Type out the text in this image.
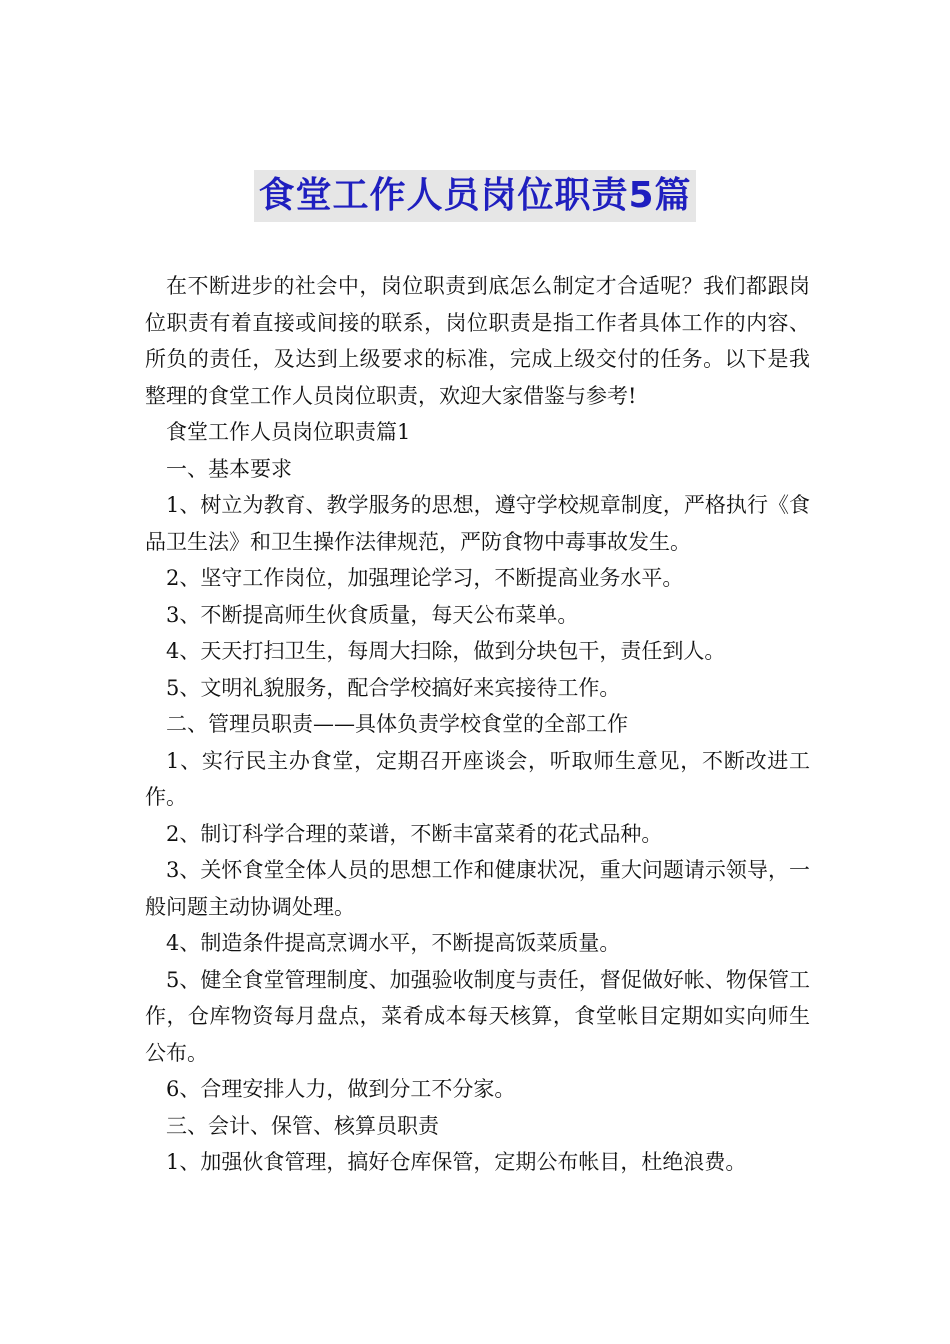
食堂工作人员岗位职责5篇

在不断进步的社会中，岗位职责到底怎么制定才合适呢？我们都跟岗位职责有着直接或间接的联系，岗位职责是指工作者具体工作的内容、所负的责任，及达到上级要求的标准，完成上级交付的任务。以下是我整理的食堂工作人员岗位职责，欢迎大家借鉴与参考!

食堂工作人员岗位职责篇1

一、基本要求

1、树立为教育、教学服务的思想，遵守学校规章制度，严格执行《食品卫生法》和卫生操作法律规范，严防食物中毒事故发生。

2、坚守工作岗位，加强理论学习，不断提高业务水平。

3、不断提高师生伙食质量，每天公布菜单。

4、天天打扫卫生，每周大扫除，做到分块包干，责任到人。

5、文明礼貌服务，配合学校搞好来宾接待工作。

二、管理员职责——具体负责学校食堂的全部工作

1、实行民主办食堂，定期召开座谈会，听取师生意见，不断改进工作。

2、制订科学合理的菜谱，不断丰富菜肴的花式品种。

3、关怀食堂全体人员的思想工作和健康状况，重大问题请示领导，一般问题主动协调处理。

4、制造条件提高烹调水平，不断提高饭菜质量。

5、健全食堂管理制度、加强验收制度与责任，督促做好帐、物保管工作，仓库物资每月盘点，菜肴成本每天核算，食堂帐目定期如实向师生公布。

6、合理安排人力，做到分工不分家。

三、会计、保管、核算员职责

1、加强伙食管理，搞好仓库保管，定期公布帐目，杜绝浪费。
